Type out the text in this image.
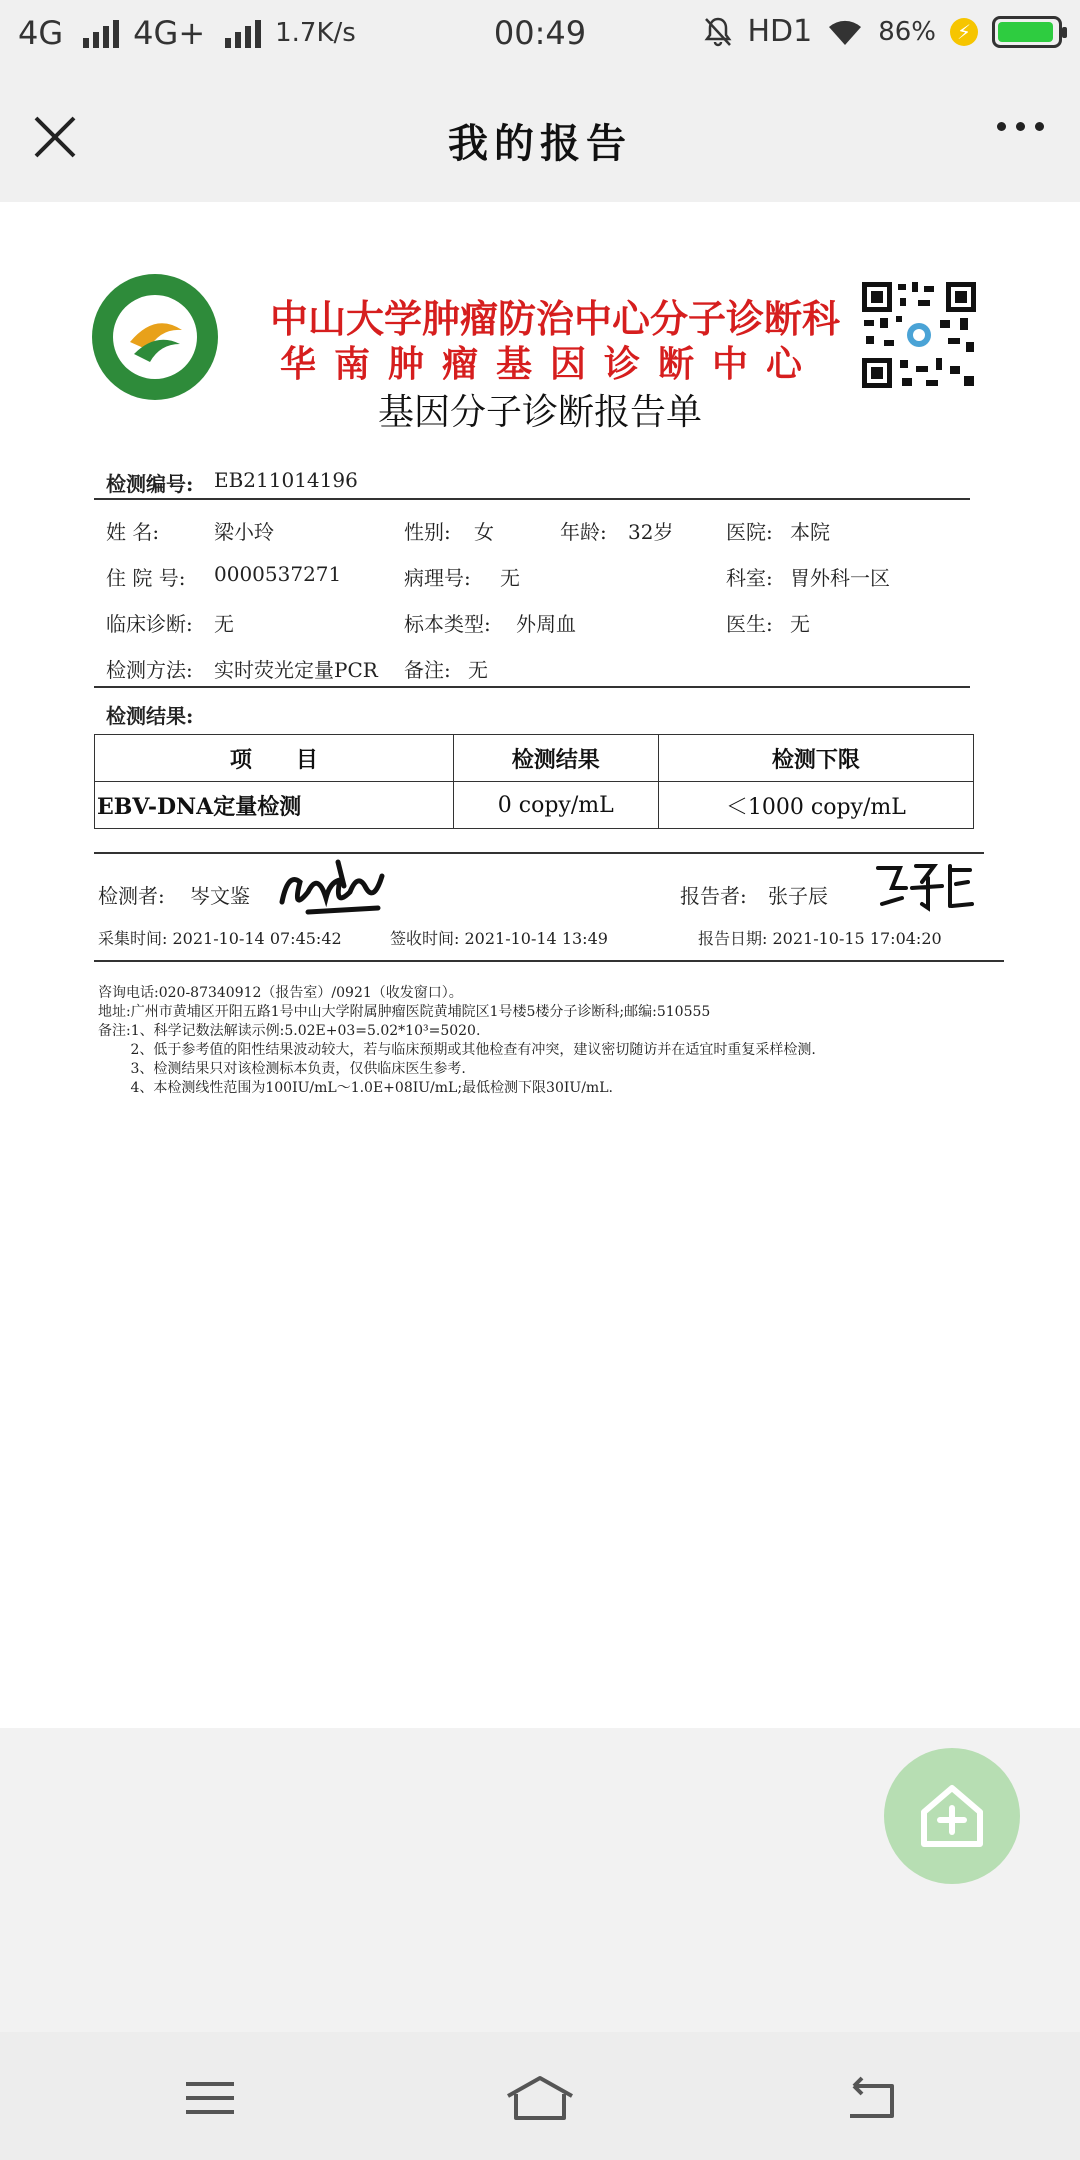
4G 4G+	1.7K/s	00:49	HD1	86%	⚡
我的报告
中山大学肿瘤防治中心分子诊断科
华南肿瘤基因诊断中心
基因分子诊断报告单
检测编号: EB211014196
姓 名:	梁小玲	性别: 女	年龄: 32岁	医院: 本院
住 院 号: 0000537271	病理号: 无	科室: 胃外科一区
临床诊断: 无	标本类型: 外周血	医生: 无
检测方法: 实时荧光定量PCR 备注: 无
检测结果:
项　　目	检测结果	检测下限
EBV-DNA定量检测	0 copy/mL	＜1000 copy/mL
检测者: 岑文鉴	报告者: 张子辰
采集时间: 2021-10-14 07:45:42	签收时间: 2021-10-14 13:49	报告日期: 2021-10-15 17:04:20
咨询电话:020-87340912（报告室）/0921（收发窗口）。
地址:广州市黄埔区开阳五路1号中山大学附属肿瘤医院黄埔院区1号楼5楼分子诊断科;邮编:510555
备注:1、科学记数法解读示例:5.02E+03=5.02*10³=5020.
　　 2、低于参考值的阳性结果波动较大，若与临床预期或其他检查有冲突，建议密切随访并在适宜时重复采样检测.
　　 3、检测结果只对该检测标本负责，仅供临床医生参考.
　　 4、本检测线性范围为100IU/mL～1.0E+08IU/mL;最低检测下限30IU/mL.
